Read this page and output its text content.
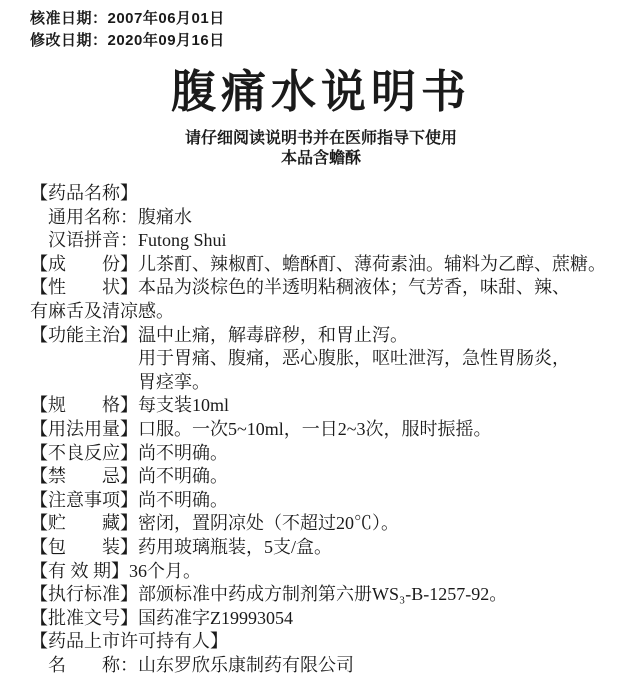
核准日期：2007年06月01日
修改日期：2020年09月16日
腹痛水说明书
请仔细阅读说明书并在医师指导下使用
本品含蟾酥
【药品名称】
通用名称：腹痛水
汉语拼音：Futong Shui
【成　　份】儿茶酊、辣椒酊、蟾酥酊、薄荷素油。辅料为乙醇、蔗糖。
【性　　状】本品为淡棕色的半透明粘稠液体；气芳香，味甜、辣、
有麻舌及清凉感。
【功能主治】 温中止痛，解毒辟秽，和胃止泻。
用于胃痛、腹痛，恶心腹胀，呕吐泄泻，急性胃肠炎，
胃痉挛。
【规　　格】每支装10ml
【用法用量】口服。一次5~10ml，一日2~3次，服时振摇。
【不良反应】尚不明确。
【禁　　忌】尚不明确。
【注意事项】尚不明确。
【贮　　藏】密闭，置阴凉处（不超过20℃）。
【包　　装】药用玻璃瓶装，5支/盒。
【有 效 期】36个月。
【执行标准】部颁标准中药成方制剂第六册WS₃-B-1257-92。
【批准文号】国药准字Z19993054
【药品上市许可持有人】
名　　称：山东罗欣乐康制药有限公司
